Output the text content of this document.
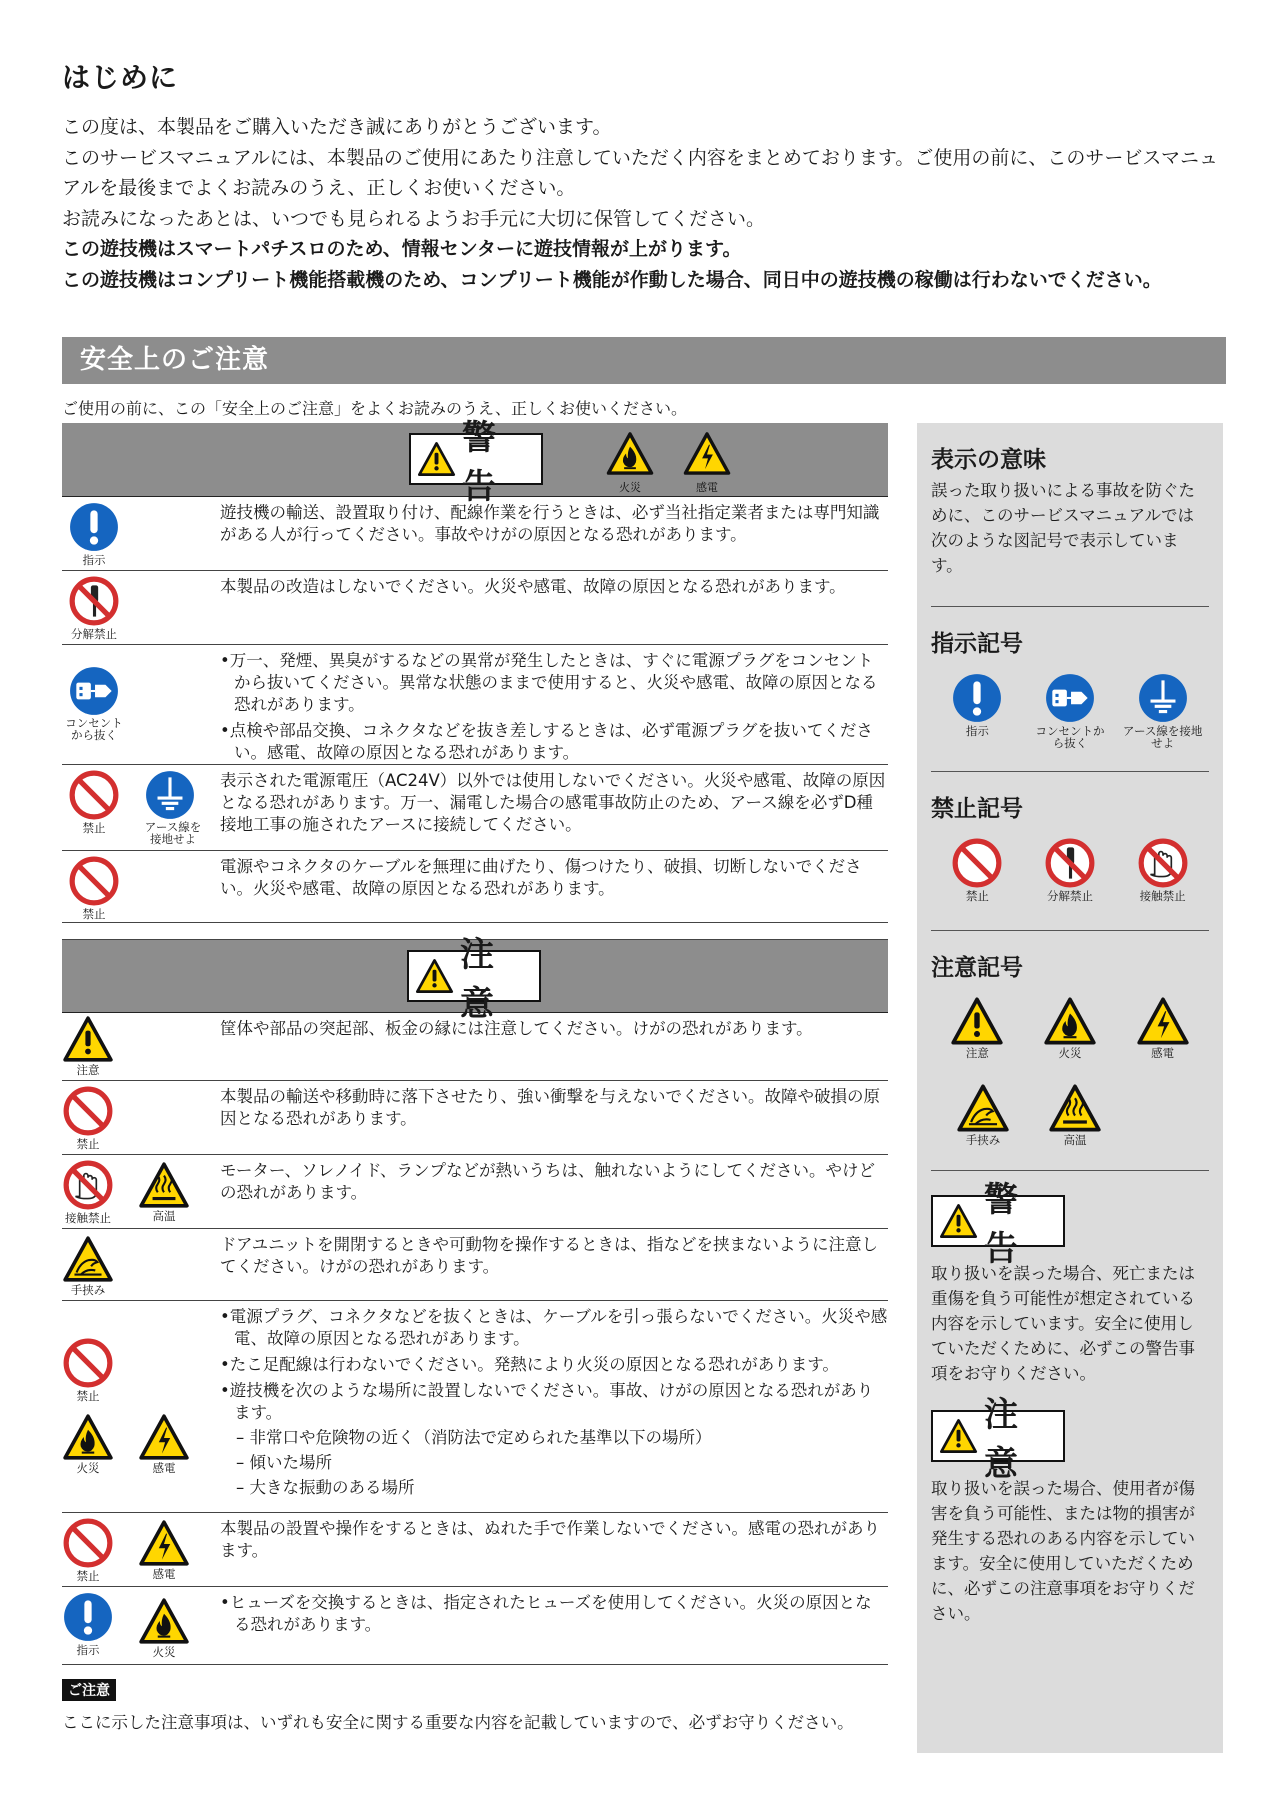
はじめに

この度は、本製品をご購入いただき誠にありがとうございます。

このサービスマニュアルには、本製品のご使用にあたり注意していただく内容をまとめております。ご使用の前に、このサービスマニュアルを最後までよくお読みのうえ、正しくお使いください。

お読みになったあとは、いつでも見られるようお手元に大切に保管してください。

この遊技機はスマートパチスロのため、情報センターに遊技情報が上がります。

この遊技機はコンプリート機能搭載機のため、コンプリート機能が作動した場合、同日中の遊技機の稼働は行わないでください。

安全上のご注意
ご使用の前に、この「安全上のご注意」をよくお読みのうえ、正しくお使いください。
警告	火災	感電
指示
遊技機の輸送、設置取り付け、配線作業を行うときは、必ず当社指定業者または専門知識がある人が行ってください。事故やけがの原因となる恐れがあります。
分解禁止
本製品の改造はしないでください。火災や感電、故障の原因となる恐れがあります。
コンセントから抜く
•万一、発煙、異臭がするなどの異常が発生したときは、すぐに電源プラグをコンセントから抜いてください。異常な状態のままで使用すると、火災や感電、故障の原因となる恐れがあります。
•点検や部品交換、コネクタなどを抜き差しするときは、必ず電源プラグを抜いてください。感電、故障の原因となる恐れがあります。
禁止	アース線を接地せよ
表示された電源電圧（AC24V）以外では使用しないでください。火災や感電、故障の原因となる恐れがあります。万一、漏電した場合の感電事故防止のため、アース線を必ずD種接地工事の施されたアースに接続してください。
禁止
電源やコネクタのケーブルを無理に曲げたり、傷つけたり、破損、切断しないでください。火災や感電、故障の原因となる恐れがあります。
注意
注意
筐体や部品の突起部、板金の縁には注意してください。けがの恐れがあります。
禁止
本製品の輸送や移動時に落下させたり、強い衝撃を与えないでください。故障や破損の原因となる恐れがあります。
接触禁止	高温
モーター、ソレノイド、ランプなどが熱いうちは、触れないようにしてください。やけどの恐れがあります。
手挟み
ドアユニットを開閉するときや可動物を操作するときは、指などを挟まないように注意してください。けがの恐れがあります。
禁止
火災	感電
•電源プラグ、コネクタなどを抜くときは、ケーブルを引っ張らないでください。火災や感電、故障の原因となる恐れがあります。
•たこ足配線は行わないでください。発熱により火災の原因となる恐れがあります。
•遊技機を次のような場所に設置しないでください。事故、けがの原因となる恐れがあります。
– 非常口や危険物の近く（消防法で定められた基準以下の場所）
– 傾いた場所
– 大きな振動のある場所
禁止	感電
本製品の設置や操作をするときは、ぬれた手で作業しないでください。感電の恐れがあります。
指示	火災
•ヒューズを交換するときは、指定されたヒューズを使用してください。火災の原因となる恐れがあります。
ご注意
ここに示した注意事項は、いずれも安全に関する重要な内容を記載していますので、必ずお守りください。
表示の意味

誤った取り扱いによる事故を防ぐために、このサービスマニュアルでは次のような図記号で表示しています。

指示記号
指示	コンセントから抜く
アース線を接地せよ
禁止記号
禁止	分解禁止	接触禁止
注意記号
注意	火災	感電
手挟み	高温
警告

取り扱いを誤った場合、死亡または重傷を負う可能性が想定されている内容を示しています。安全に使用していただくために、必ずこの警告事項をお守りください。

注意

取り扱いを誤った場合、使用者が傷害を負う可能性、または物的損害が発生する恐れのある内容を示しています。安全に使用していただくために、必ずこの注意事項をお守りください。
